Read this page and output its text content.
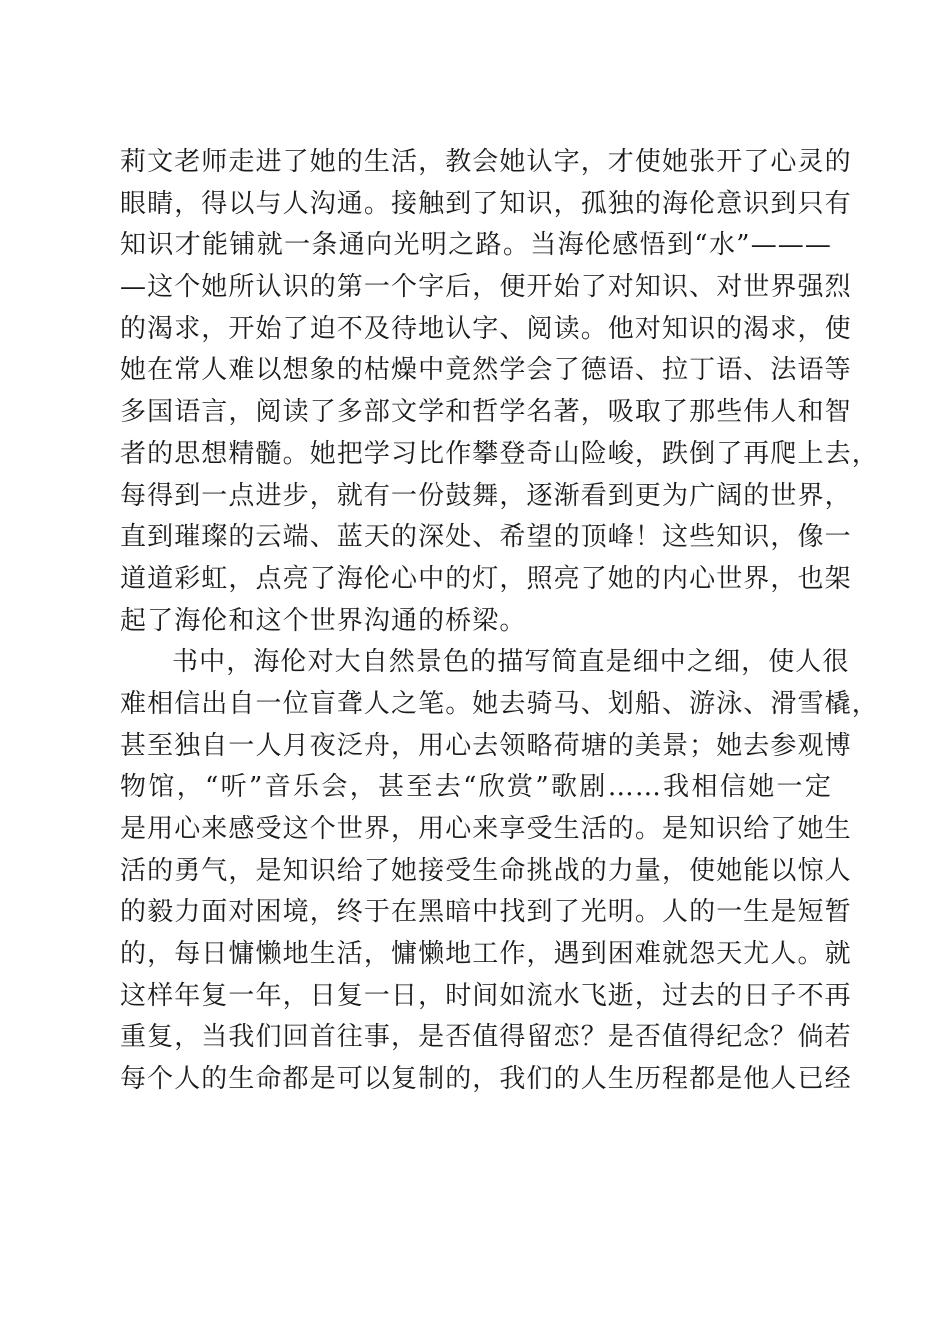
莉文老师走进了她的生活，教会她认字，才使她张开了心灵的
眼睛，得以与人沟通。接触到了知识，孤独的海伦意识到只有
知识才能铺就一条通向光明之路。当海伦感悟到“水”———
—这个她所认识的第一个字后，便开始了对知识、对世界强烈
的渴求，开始了迫不及待地认字、阅读。他对知识的渴求，使
她在常人难以想象的枯燥中竟然学会了德语、拉丁语、法语等
多国语言，阅读了多部文学和哲学名著，吸取了那些伟人和智
者的思想精髓。她把学习比作攀登奇山险峻，跌倒了再爬上去，
每得到一点进步，就有一份鼓舞，逐渐看到更为广阔的世界，
直到璀璨的云端、蓝天的深处、希望的顶峰！这些知识，像一
道道彩虹，点亮了海伦心中的灯，照亮了她的内心世界，也架
起了海伦和这个世界沟通的桥梁。
书中，海伦对大自然景色的描写简直是细中之细，使人很
难相信出自一位盲聋人之笔。她去骑马、划船、游泳、滑雪橇，
甚至独自一人月夜泛舟，用心去领略荷塘的美景；她去参观博
物馆，“听”音乐会，甚至去“欣赏”歌剧……我相信她一定
是用心来感受这个世界，用心来享受生活的。是知识给了她生
活的勇气，是知识给了她接受生命挑战的力量，使她能以惊人
的毅力面对困境，终于在黑暗中找到了光明。人的一生是短暂
的，每日慵懒地生活，慵懒地工作，遇到困难就怨天尤人。就
这样年复一年，日复一日，时间如流水飞逝，过去的日子不再
重复，当我们回首往事，是否值得留恋？是否值得纪念？倘若
每个人的生命都是可以复制的，我们的人生历程都是他人已经
